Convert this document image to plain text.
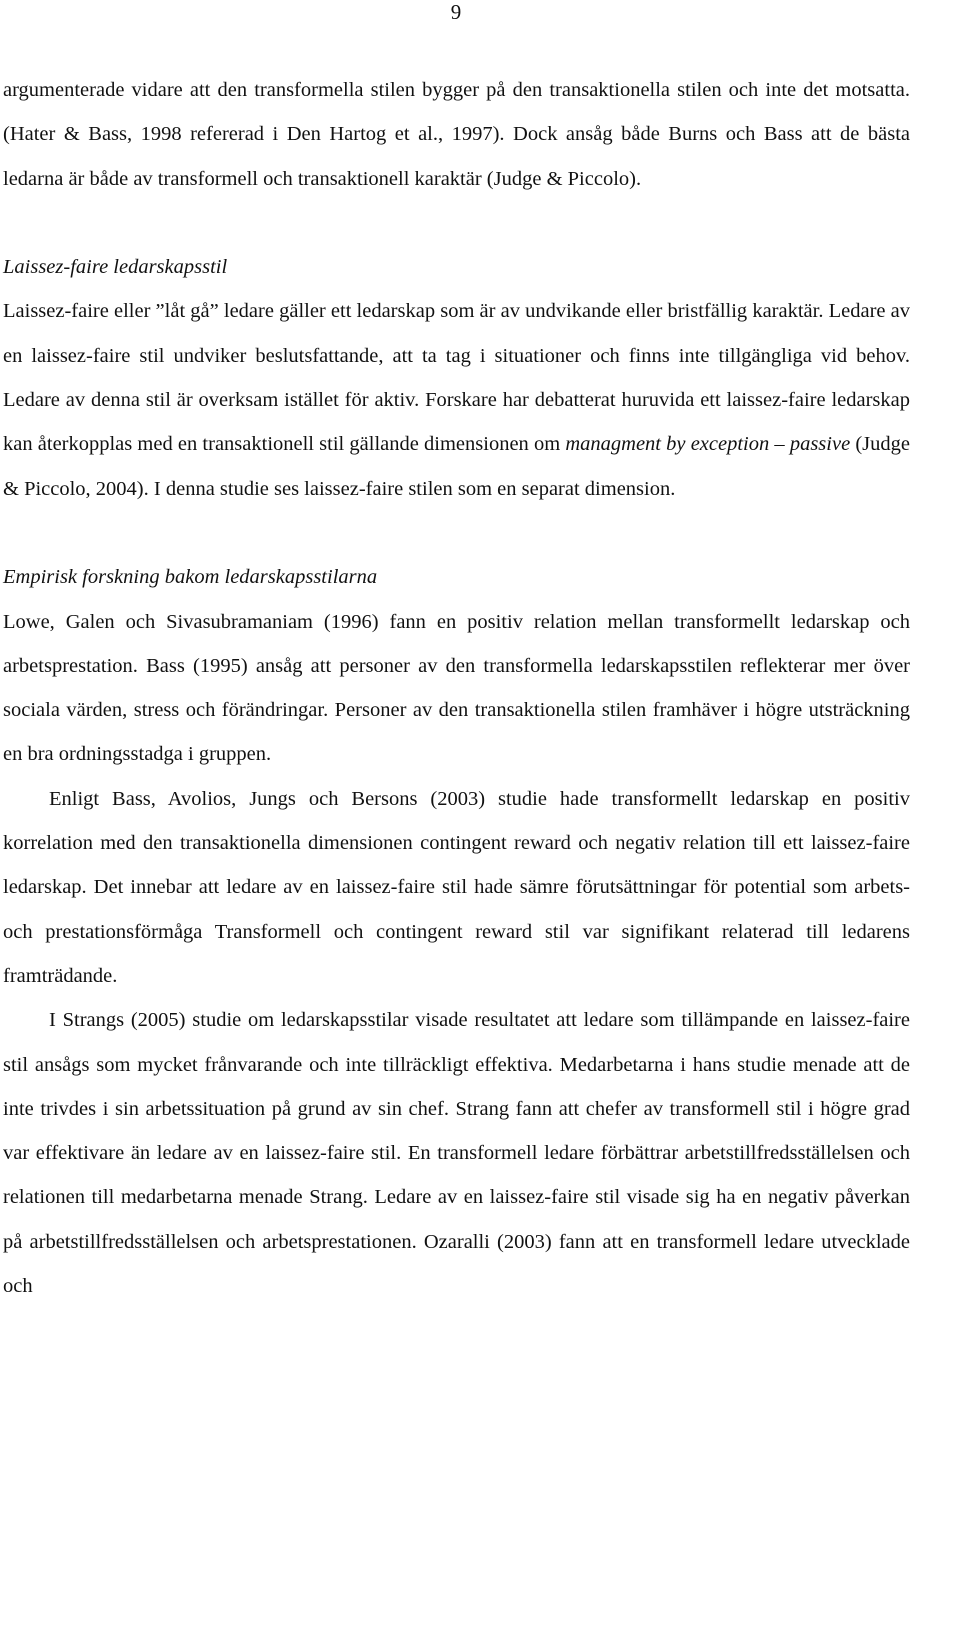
9

argumenterade vidare att den transformella stilen bygger på den transaktionella stilen och inte det motsatta. (Hater & Bass, 1998 refererad i Den Hartog et al., 1997). Dock ansåg både Burns och Bass att de bästa ledarna är både av transformell och transaktionell karaktär (Judge & Piccolo).

Laissez-faire ledarskapsstil

Laissez-faire eller ”låt gå” ledare gäller ett ledarskap som är av undvikande eller bristfällig karaktär. Ledare av en laissez-faire stil undviker beslutsfattande, att ta tag i situationer och finns inte tillgängliga vid behov. Ledare av denna stil är overksam istället för aktiv. Forskare har debatterat huruvida ett laissez-faire ledarskap kan återkopplas med en transaktionell stil gällande dimensionen om managment by exception – passive (Judge & Piccolo, 2004). I denna studie ses laissez-faire stilen som en separat dimension.

Empirisk forskning bakom ledarskapsstilarna

Lowe, Galen och Sivasubramaniam (1996) fann en positiv relation mellan transformellt ledarskap och arbetsprestation. Bass (1995) ansåg att personer av den transformella ledarskapsstilen reflekterar mer över sociala värden, stress och förändringar. Personer av den transaktionella stilen framhäver i högre utsträckning en bra ordningsstadga i gruppen.

Enligt Bass, Avolios, Jungs och Bersons (2003) studie hade transformellt ledarskap en positiv korrelation med den transaktionella dimensionen contingent reward och negativ relation till ett laissez-faire ledarskap. Det innebar att ledare av en laissez-faire stil hade sämre förutsättningar för potential som arbets- och prestationsförmåga Transformell och contingent reward stil var signifikant relaterad till ledarens framträdande.

I Strangs (2005) studie om ledarskapsstilar visade resultatet att ledare som tillämpande en laissez-faire stil ansågs som mycket frånvarande och inte tillräckligt effektiva. Medarbetarna i hans studie menade att de inte trivdes i sin arbetssituation på grund av sin chef. Strang fann att chefer av transformell stil i högre grad var effektivare än ledare av en laissez-faire stil. En transformell ledare förbättrar arbetstillfredsställelsen och relationen till medarbetarna menade Strang. Ledare av en laissez-faire stil visade sig ha en negativ påverkan på arbetstillfredsställelsen och arbetsprestationen. Ozaralli (2003) fann att en transformell ledare utvecklade och
